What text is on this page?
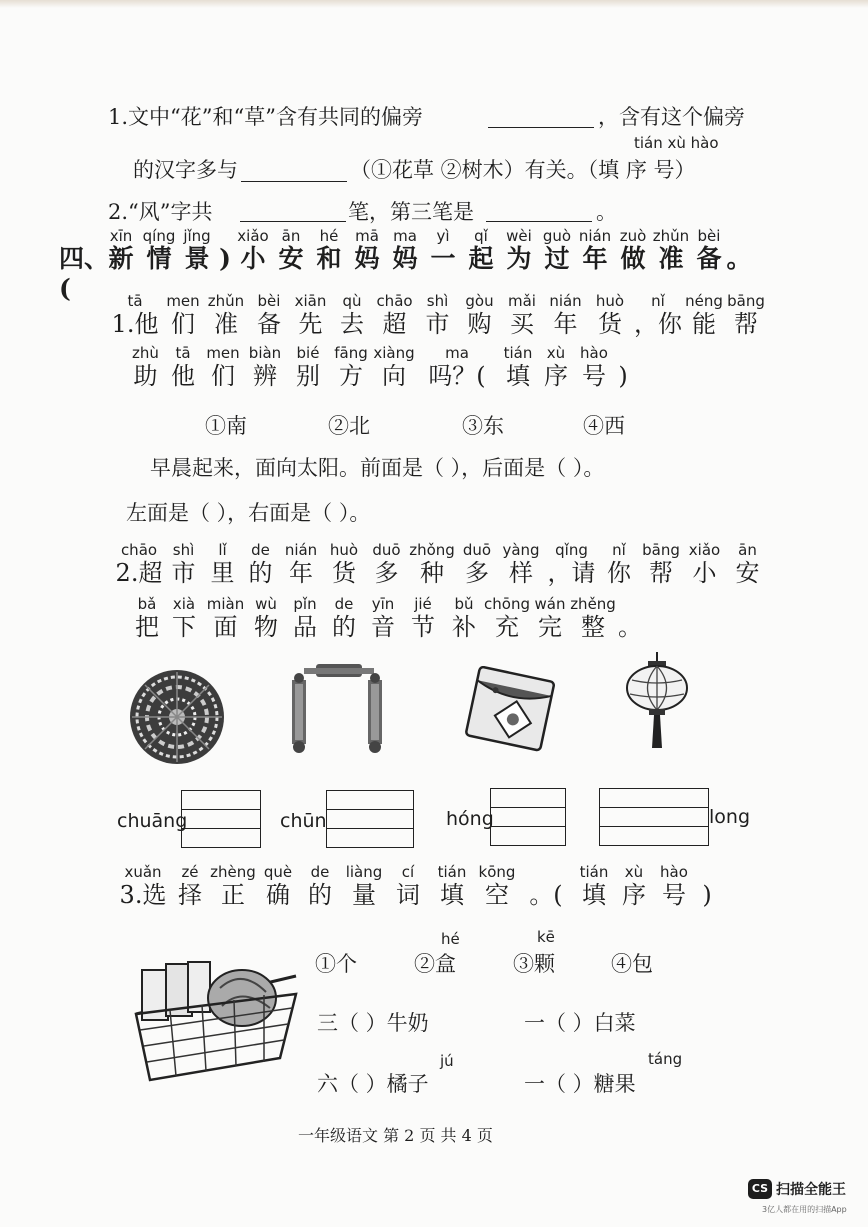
1.文中“花”和“草”含有共同的偏旁	，含有这个偏旁
tián xù hào
的汉字多与	（①花草 ②树木）有关。（填 序 号）
2.“风”字共	笔，第三笔是	。
四、(
xīn
新
qíng
情
jǐng
景 )
xiǎo
小
ān
安
hé
和
mā
妈
ma
妈
yì
一
qǐ
起
wèi
为
guò
过
nián
年
zuò
做
zhǔn
准
bèi
备 。
tā
1.他
men
们
zhǔn
准
bèi
备
xiān
先
qù
去
chāo
超
shì
市
gòu
购
mǎi
买
nián
年
huò
货
nǐ
，你
néng
能
bāng
帮
zhù
助
tā
他
men
们
biàn
辨
bié
别
fāng
方
xiàng
向
ma
吗？(
tián
填
xù
序
hào
号 )
①南	②北	③东	④西
早晨起来，面向太阳。前面是（ ），后面是（ ）。
左面是（ ），右面是（ ）。
chāo
2.超
shì
市
lǐ
里
de
的
nián
年
huò
货
duō
多
zhǒng
种
duō
多
yàng
样
qǐng
，请
nǐ
你
bāng
帮
xiǎo
小
ān
安
bǎ
把
xià
下
miàn
面
wù
物
pǐn
品
de
的
yīn
音
jié
节
bǔ
补
chōng
充
wán
完
zhěng
整 。
chuāng	chūn	hóng	long
xuǎn
3.选
zé
择
zhèng
正
què
确
de
的
liàng
量
cí
词
tián
填
kōng
空 。(
tián
填
xù
序
hào
号 )
hé	kē
①个	②盒	③颗	④包
三（ ）牛奶	一（ ）白菜
jú	táng
六（ ）橘子	一（ ）糖果
一年级语文 第 2 页 共 4 页
CS 扫描全能王
3亿人都在用的扫描App
